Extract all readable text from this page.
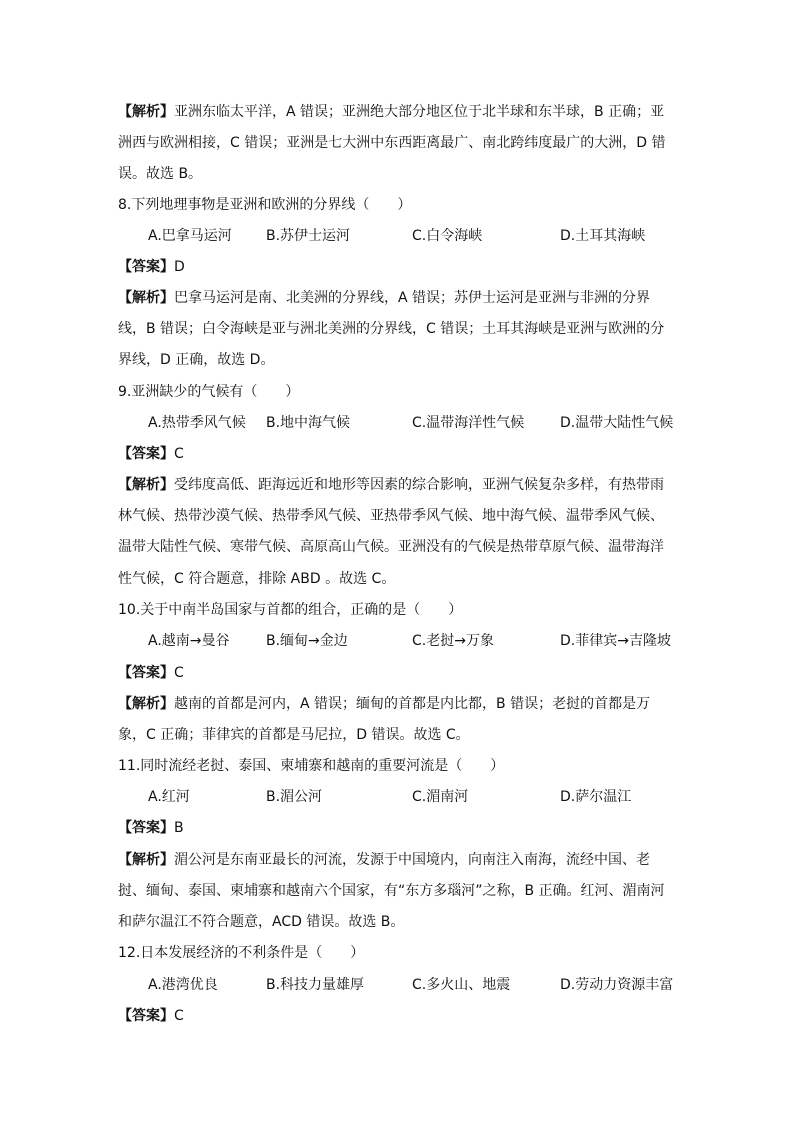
【解析】亚洲东临太平洋，A 错误；亚洲绝大部分地区位于北半球和东半球，B 正确；亚
洲西与欧洲相接，C 错误；亚洲是七大洲中东西距离最广、南北跨纬度最广的大洲，D 错
误。故选 B。
8.下列地理事物是亚洲和欧洲的分界线（　　）
A.巴拿马运河 B.苏伊士运河	C.白令海峡	D.土耳其海峡
【答案】D
【解析】巴拿马运河是南、北美洲的分界线，A 错误；苏伊士运河是亚洲与非洲的分界
线，B 错误；白令海峡是亚与洲北美洲的分界线，C 错误；土耳其海峡是亚洲与欧洲的分
界线，D 正确，故选 D。
9.亚洲缺少的气候有（　　）
A.热带季风气候 B.地中海气候	C.温带海洋性气候	D.温带大陆性气候
【答案】C
【解析】受纬度高低、距海远近和地形等因素的综合影响，亚洲气候复杂多样，有热带雨
林气候、热带沙漠气候、热带季风气候、亚热带季风气候、地中海气候、温带季风气候、
温带大陆性气候、寒带气候、高原高山气候。亚洲没有的气候是热带草原气候、温带海洋
性气候，C 符合题意，排除 ABD 。故选 C。
10.关于中南半岛国家与首都的组合，正确的是（　　）
A.越南→曼谷	B.缅甸→金边	C.老挝→万象	D.菲律宾→吉隆坡
【答案】C
【解析】越南的首都是河内，A 错误；缅甸的首都是内比都，B 错误；老挝的首都是万
象，C 正确；菲律宾的首都是马尼拉，D 错误。故选 C。
11.同时流经老挝、泰国、柬埔寨和越南的重要河流是（　　）
A.红河	B.湄公河	C.湄南河	D.萨尔温江
【答案】B
【解析】湄公河是东南亚最长的河流，发源于中国境内，向南注入南海，流经中国、老
挝、缅甸、泰国、柬埔寨和越南六个国家，有“东方多瑙河”之称，B 正确。红河、湄南河
和萨尔温江不符合题意，ACD 错误。故选 B。
12.日本发展经济的不利条件是（　　）
A.港湾优良	B.科技力量雄厚	C.多火山、地震	D.劳动力资源丰富
【答案】C
